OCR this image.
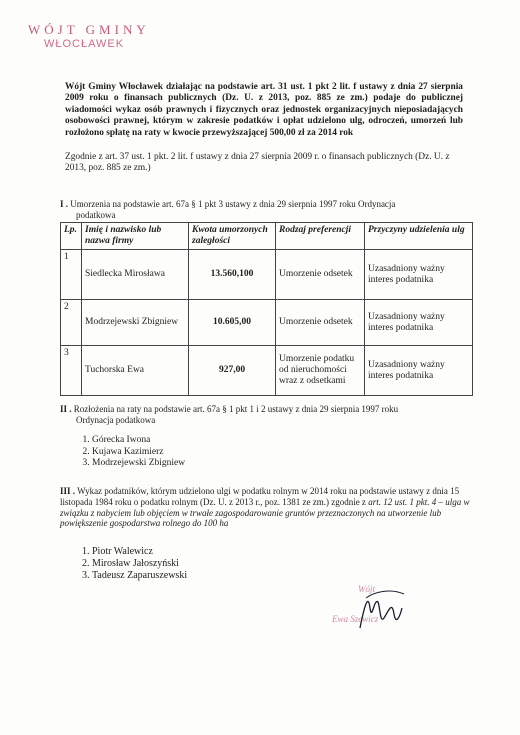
WÓJT GMINY
WŁOCŁAWEK
Wójt Gminy Włocławek działając na podstawie art. 31 ust. 1 pkt 2 lit. f ustawy z dnia 27 sierpnia 2009 roku o finansach publicznych (Dz. U. z 2013, poz. 885 ze zm.) podaje do publicznej wiadomości wykaz osób prawnych i fizycznych oraz jednostek organizacyjnych nieposiadających osobowości prawnej, którym w zakresie podatków i opłat udzielono ulg, odroczeń, umorzeń lub rozłożono spłatę na raty w kwocie przewyższającej 500,00 zł za 2014 rok
Zgodnie z art. 37 ust. 1 pkt. 2 lit. f ustawy z dnia 27 sierpnia 2009 r. o finansach publicznych (Dz. U. z 2013, poz. 885 ze zm.)
I . Umorzenia na podstawie art. 67a § 1 pkt 3 ustawy z dnia 29 sierpnia 1997 roku Ordynacja
podatkowa
Lp.	Imię i nazwisko lub nazwa firmy	Kwota umorzonych zaległości	Rodzaj preferencji	Przyczyny udzielenia ulg
1	Siedlecka Mirosława	13.560,100	Umorzenie odsetek	Uzasadniony ważny interes podatnika
2	Modrzejewski Zbigniew	10.605,00	Umorzenie odsetek	Uzasadniony ważny interes podatnika
3	Tuchorska Ewa	927,00	Umorzenie podatku od nieruchomości wraz z odsetkami	Uzasadniony ważny interes podatnika
II . Rozłożenia na raty na podstawie art. 67a § 1 pkt 1 i 2 ustawy z dnia 29 sierpnia 1997 roku
Ordynacja podatkowa
1. Górecka Iwona
2. Kujawa Kazimierz
3. Modrzejewski Zbigniew
III . Wykaz podatników, którym udzielono ulgi w podatku rolnym w 2014 roku na podstawie ustawy z dnia 15 listopada 1984 roku o podatku rolnym (Dz. U. z 2013 r., poz. 1381 ze zm.) zgodnie z art. 12 ust. 1 pkt. 4 – ulga w związku z nabyciem lub objęciem w trwałe zagospodarowanie gruntów przeznaczonych na utworzenie lub powiększenie gospodarstwa rolnego do 100 ha
1. Piotr Walewicz
2. Mirosław Jałoszyński
3. Tadeusz Zaparuszewski
Wójt
Ewa Szewicz
